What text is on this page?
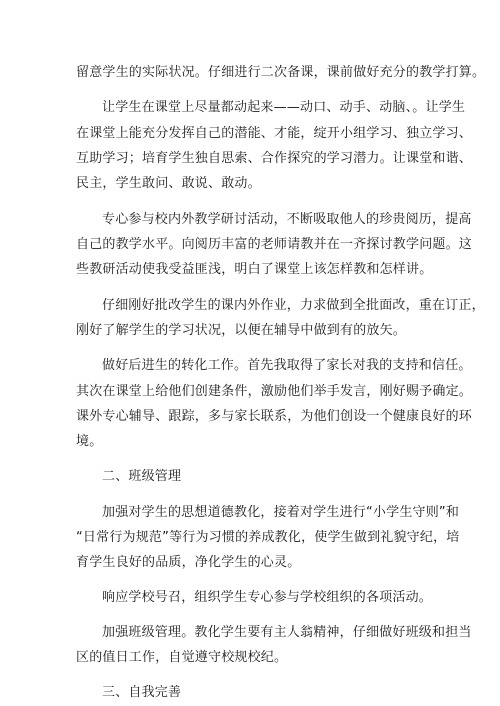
留意学生的实际状况。仔细进行二次备课，课前做好充分的教学打算。
让学生在课堂上尽量都动起来——动口、动手、动脑、。让学生
在课堂上能充分发挥自己的潜能、才能，绽开小组学习、独立学习、
互助学习；培育学生独自思索、合作探究的学习潜力。让课堂和谐、
民主，学生敢问、敢说、敢动。
专心参与校内外教学研讨活动，不断吸取他人的珍贵阅历，提高
自己的教学水平。向阅历丰富的老师请教并在一齐探讨教学问题。这
些教研活动使我受益匪浅，明白了课堂上该怎样教和怎样讲。
仔细刚好批改学生的课内外作业，力求做到全批面改，重在订正，
刚好了解学生的学习状况，以便在辅导中做到有的放矢。
做好后进生的转化工作。首先我取得了家长对我的支持和信任。
其次在课堂上给他们创建条件，激励他们举手发言，刚好赐予确定。
课外专心辅导、跟踪，多与家长联系，为他们创设一个健康良好的环
境。
二、班级管理
加强对学生的思想道德教化，接着对学生进行“小学生守则”和
“日常行为规范”等行为习惯的养成教化，使学生做到礼貌守纪，培
育学生良好的品质，净化学生的心灵。
响应学校号召，组织学生专心参与学校组织的各项活动。
加强班级管理。教化学生要有主人翁精神，仔细做好班级和担当
区的值日工作，自觉遵守校规校纪。
三、自我完善
